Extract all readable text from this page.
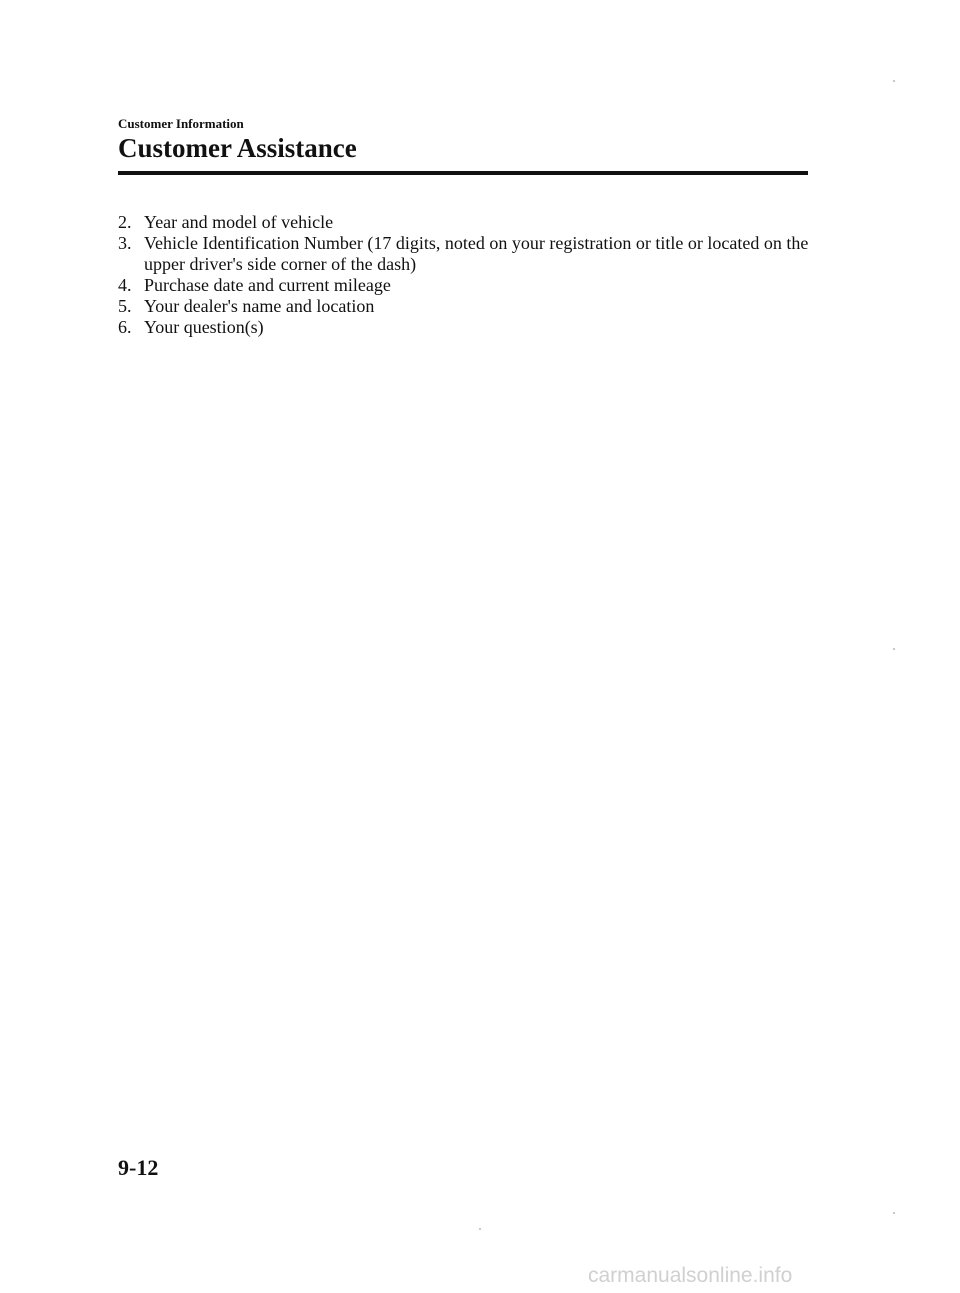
Customer Information
Customer Assistance
2. Year and model of vehicle
3. Vehicle Identification Number (17 digits, noted on your registration or title or located on the upper driver's side corner of the dash)
4. Purchase date and current mileage
5. Your dealer's name and location
6. Your question(s)
9-12
carmanualsonline.info
